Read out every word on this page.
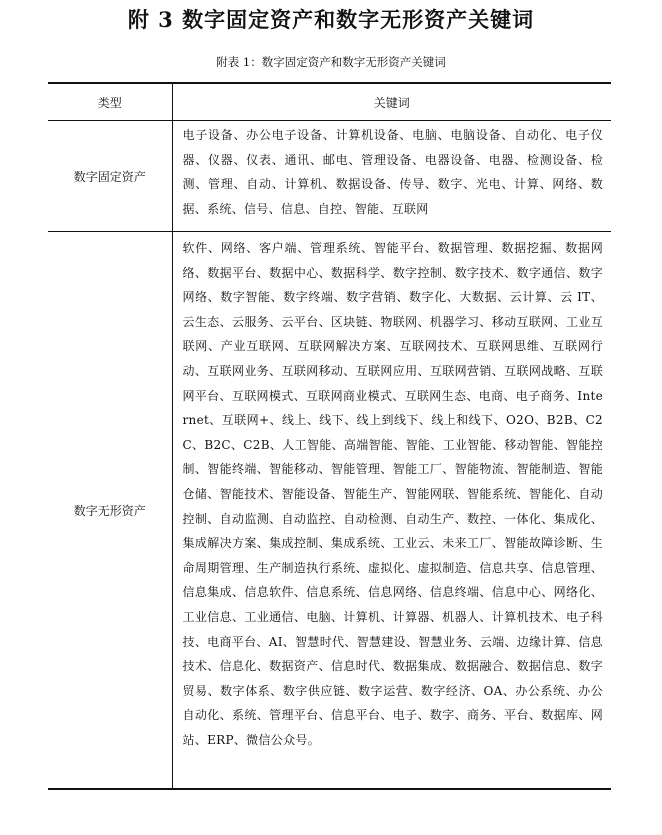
附 3 数字固定资产和数字无形资产关键词
附表 1：数字固定资产和数字无形资产关键词
类型	关键词
数字固定资产	电子设备、办公电子设备、计算机设备、电脑、电脑设备、自动化、电子仪器、仪器、仪表、通讯、邮电、管理设备、电器设备、电器、检测设备、检测、管理、自动、计算机、数据设备、传导、数字、光电、计算、网络、数据、系统、信号、信息、自控、智能、互联网
数字无形资产	软件、网络、客户端、管理系统、智能平台、数据管理、数据挖掘、数据网络、数据平台、数据中心、数据科学、数字控制、数字技术、数字通信、数字网络、数字智能、数字终端、数字营销、数字化、大数据、云计算、云 IT、云生态、云服务、云平台、区块链、物联网、机器学习、移动互联网、工业互联网、产业互联网、互联网解决方案、互联网技术、互联网思维、互联网行动、互联网业务、互联网移动、互联网应用、互联网营销、互联网战略、互联网平台、互联网模式、互联网商业模式、互联网生态、电商、电子商务、Internet、互联网+、线上、线下、线上到线下、线上和线下、O2O、B2B、C2C、B2C、C2B、人工智能、高端智能、智能、工业智能、移动智能、智能控制、智能终端、智能移动、智能管理、智能工厂、智能物流、智能制造、智能仓储、智能技术、智能设备、智能生产、智能网联、智能系统、智能化、自动控制、自动监测、自动监控、自动检测、自动生产、数控、一体化、集成化、集成解决方案、集成控制、集成系统、工业云、未来工厂、智能故障诊断、生命周期管理、生产制造执行系统、虚拟化、虚拟制造、信息共享、信息管理、信息集成、信息软件、信息系统、信息网络、信息终端、信息中心、网络化、工业信息、工业通信、电脑、计算机、计算器、机器人、计算机技术、电子科技、电商平台、AI、智慧时代、智慧建设、智慧业务、云端、边缘计算、信息技术、信息化、数据资产、信息时代、数据集成、数据融合、数据信息、数字贸易、数字体系、数字供应链、数字运营、数字经济、OA、办公系统、办公自动化、系统、管理平台、信息平台、电子、数字、商务、平台、数据库、网站、ERP、微信公众号。
